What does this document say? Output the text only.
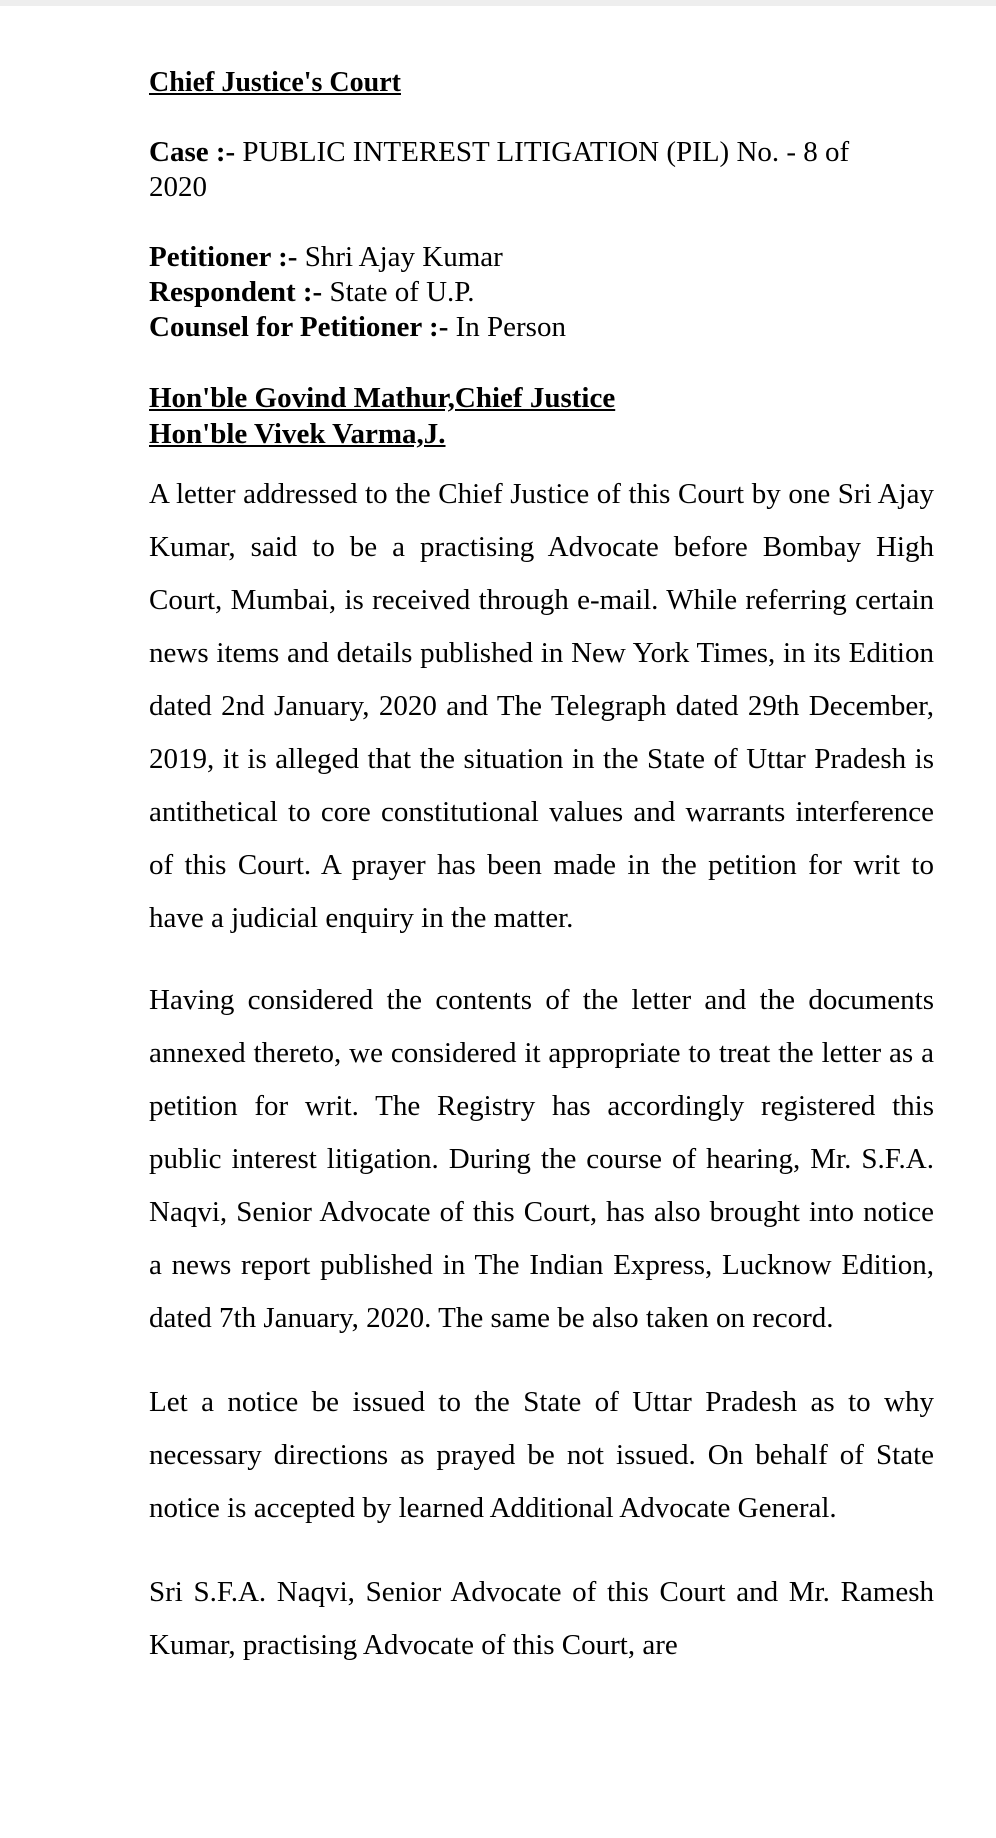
Chief Justice's Court
Case :- PUBLIC INTEREST LITIGATION (PIL) No. - 8 of 2020
Petitioner :- Shri Ajay Kumar
Respondent :- State of U.P.
Counsel for Petitioner :- In Person
Hon'ble Govind Mathur,Chief Justice
Hon'ble Vivek Varma,J.

A letter addressed to the Chief Justice of this Court by one Sri Ajay Kumar, said to be a practising Advocate before Bombay High Court, Mumbai, is received through e-mail. While referring certain news items and details published in New York Times, in its Edition dated 2nd January, 2020 and The Telegraph dated 29th December, 2019, it is alleged that the situation in the State of Uttar Pradesh is antithetical to core constitutional values and warrants interference of this Court. A prayer has been made in the petition for writ to have a judicial enquiry in the matter.

Having considered the contents of the letter and the documents annexed thereto, we considered it appropriate to treat the letter as a petition for writ. The Registry has accordingly registered this public interest litigation. During the course of hearing, Mr. S.F.A. Naqvi, Senior Advocate of this Court, has also brought into notice a news report published in The Indian Express, Lucknow Edition, dated 7th January, 2020. The same be also taken on record.

Let a notice be issued to the State of Uttar Pradesh as to why necessary directions as prayed be not issued. On behalf of State notice is accepted by learned Additional Advocate General.

Sri S.F.A. Naqvi, Senior Advocate of this Court and Mr. Ramesh Kumar, practising Advocate of this Court, are
